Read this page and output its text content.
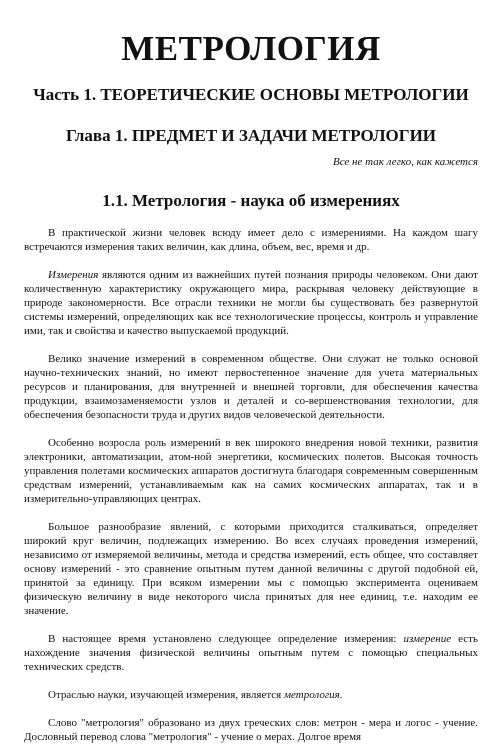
МЕТРОЛОГИЯ
Часть 1. ТЕОРЕТИЧЕСКИЕ ОСНОВЫ МЕТРОЛОГИИ
Глава 1. ПРЕДМЕТ И ЗАДАЧИ МЕТРОЛОГИИ

Все не так легко, как кажется

1.1. Метрология - наука об измерениях

В практической жизни человек всюду имеет дело с измерениями. На каждом шагу встречаются измерения таких величин, как длина, объем, вес, время и др.

Измерения являются одним из важнейших путей познания природы человеком. Они дают количественную характеристику окружающего мира, раскрывая человеку действующие в природе закономерности. Все отрасли техники не могли бы существовать без развернутой системы измерений, определяющих как все технологические процессы, контроль и управление ими, так и свойства и качество выпускаемой продукций.

Велико значение измерений в современном обществе. Они служат не только основой научно-технических знаний, но имеют первостепенное значение для учета материальных ресурсов и планирования, для внутренней и внешней торговли, для обеспечения качества продукции, взаимозаменяемости узлов и деталей и со-вершенствования технологии, для обеспечения безопасности труда и других видов человеческой деятельности.

Особенно возросла роль измерений в век широкого внедрения новой техники, развития электроники, автоматизации, атом-ной энергетики, космических полетов. Высокая точность управления полетами космических аппаратов достигнута благодаря современным совершенным средствам измерений, устанавливаемым как на самих космических аппаратах, так и в измерительно-управляющих центрах.

Большое разнообразие явлений, с которыми приходится сталкиваться, определяет широкий круг величин, подлежащих измерению. Во всех случаях проведения измерений, независимо от измеряемой величины, метода и средства измерений, есть общее, что составляет основу измерений - это сравнение опытным путем данной величины с другой подобной ей, принятой за единицу. При всяком измерении мы с помощью эксперимента оцениваем физическую величину в виде некоторого числа принятых для нее единиц, т.е. находим ее значение.

В настоящее время установлено следующее определение измерения: измерение есть нахождение значения физической величины опытным путем с помощью специальных технических средств.

Отраслью науки, изучающей измерения, является метрология.

Слово "метрология" образовано из двух греческих слов: метрон - мера и логос - учение. Дословный перевод слова "метрология" - учение о мерах. Долгое время
